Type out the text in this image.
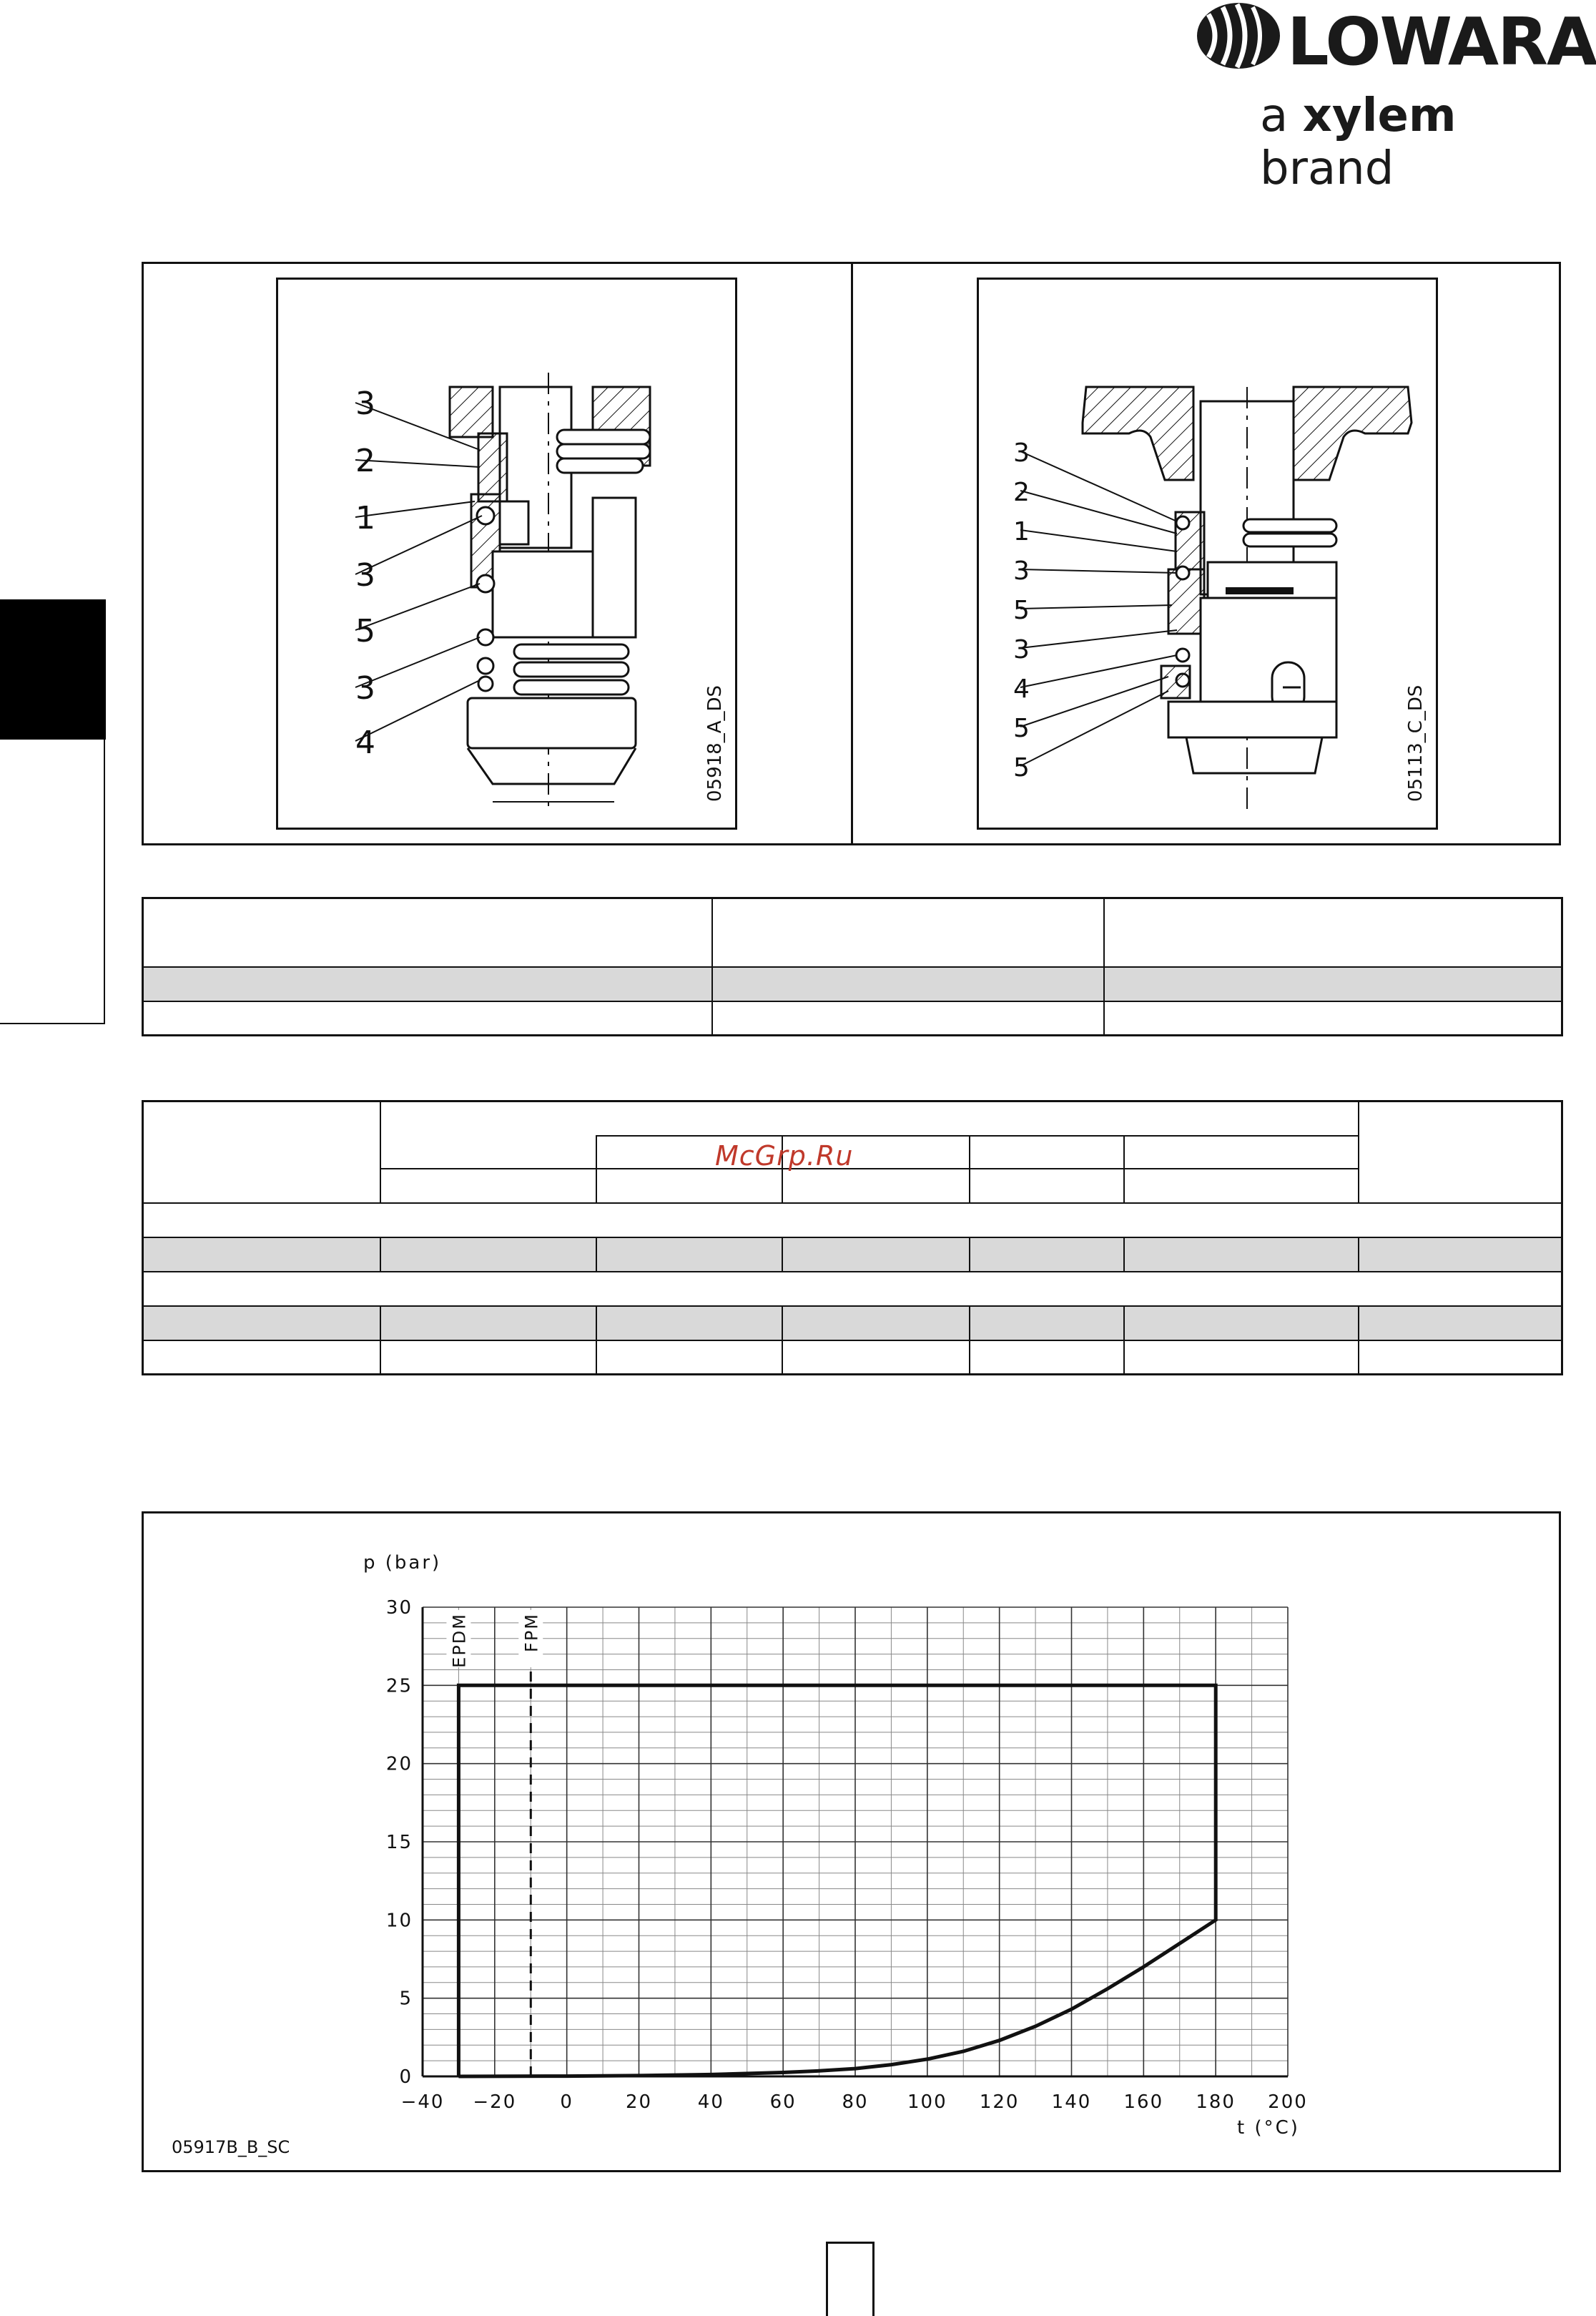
LOWARA
a xylem brand
3
2
1
3
5
3
4	05918_A_DS
3
2
1
3
5
3
4
5
5	05113_C_DS

McGrp.Ru
−40 −20 0	20 40 60 80 100 120 140 160 180 200
0
5
10
15
20
25
30
EPDM	FPM
p (bar)
t (°C)
05917B_B_SC
